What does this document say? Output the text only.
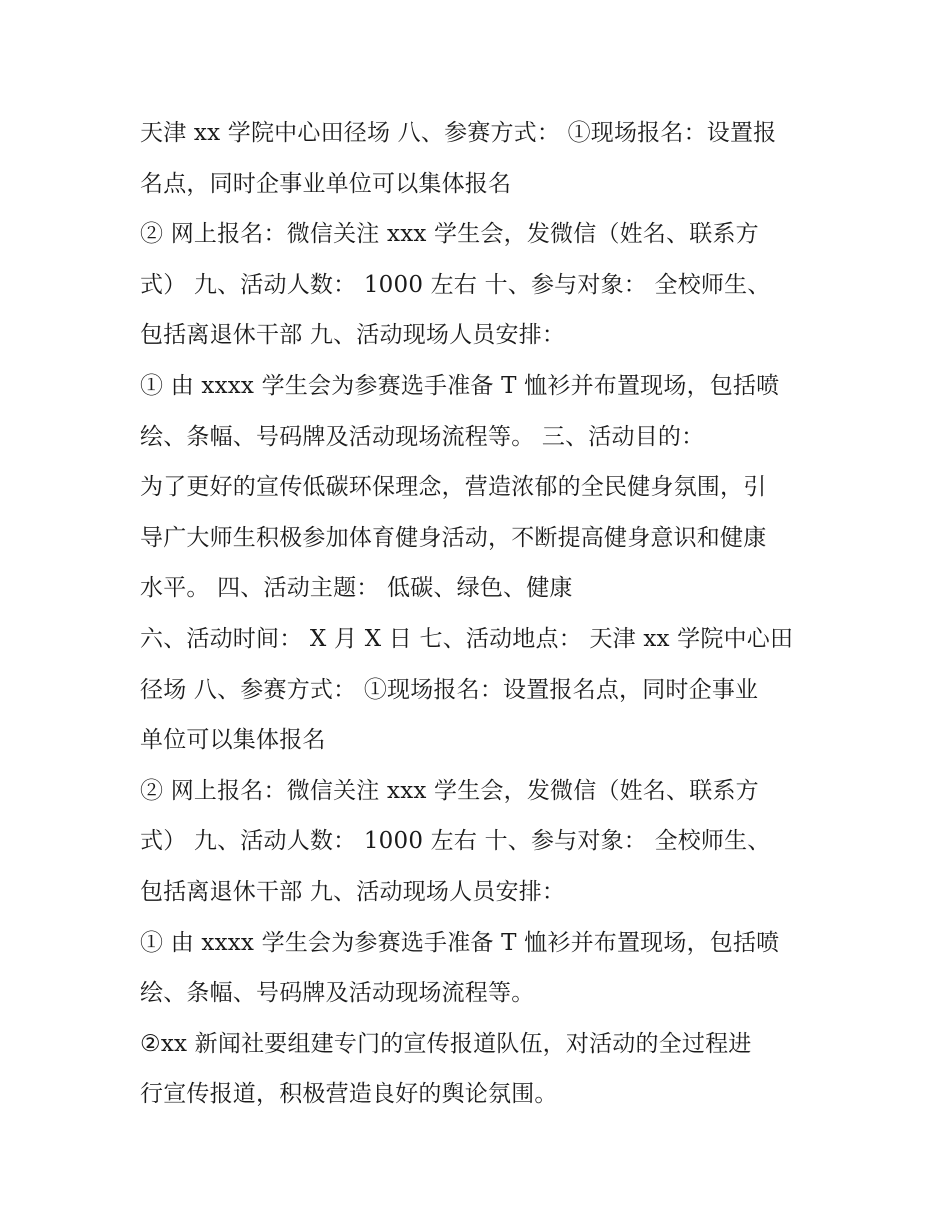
天津 xx 学院中心田径场 八、参赛方式： ①现场报名：设置报
名点，同时企事业单位可以集体报名
② 网上报名：微信关注 xxx 学生会，发微信（姓名、联系方
式） 九、活动人数： 1000 左右 十、参与对象： 全校师生、
包括离退休干部 九、活动现场人员安排：
① 由 xxxx 学生会为参赛选手准备 T 恤衫并布置现场，包括喷
绘、条幅、号码牌及活动现场流程等。 三、活动目的：
为了更好的宣传低碳环保理念，营造浓郁的全民健身氛围，引
导广大师生积极参加体育健身活动，不断提高健身意识和健康
水平。 四、活动主题： 低碳、绿色、健康
六、活动时间： X 月 X 日 七、活动地点： 天津 xx 学院中心田
径场 八、参赛方式： ①现场报名：设置报名点，同时企事业
单位可以集体报名
② 网上报名：微信关注 xxx 学生会，发微信（姓名、联系方
式） 九、活动人数： 1000 左右 十、参与对象： 全校师生、
包括离退休干部 九、活动现场人员安排：
① 由 xxxx 学生会为参赛选手准备 T 恤衫并布置现场，包括喷
绘、条幅、号码牌及活动现场流程等。
②xx 新闻社要组建专门的宣传报道队伍，对活动的全过程进
行宣传报道，积极营造良好的舆论氛围。
